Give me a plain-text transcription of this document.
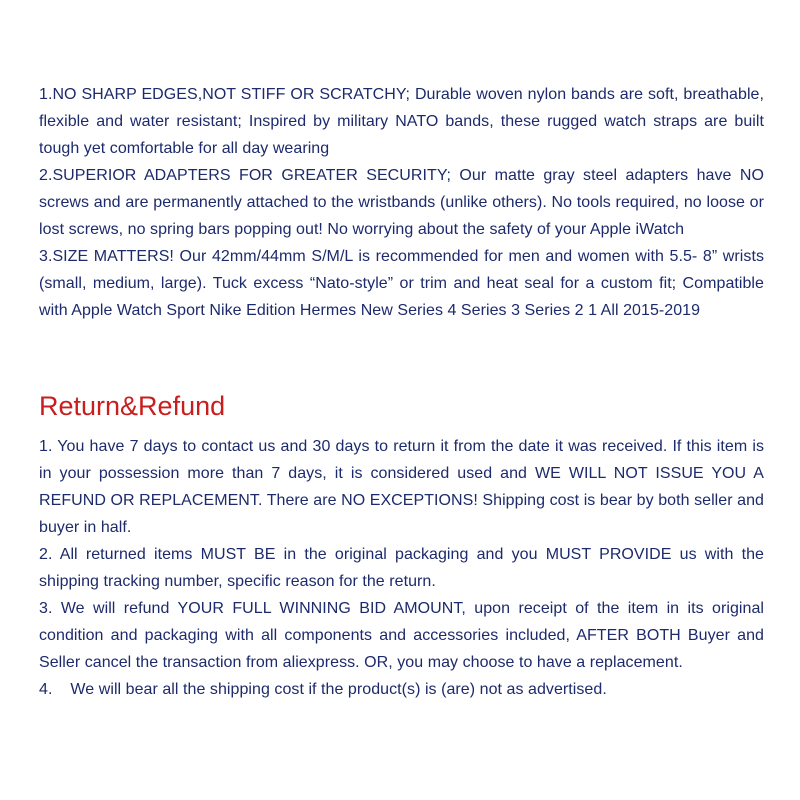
1.NO SHARP EDGES,NOT STIFF OR SCRATCHY; Durable woven nylon bands are soft, breathable, flexible and water resistant; Inspired by military NATO bands, these rugged watch straps are built tough yet comfortable for all day wearing

2.SUPERIOR ADAPTERS FOR GREATER SECURITY; Our matte gray steel adapters have NO screws and are permanently attached to the wristbands (unlike others). No tools required, no loose or lost screws, no spring bars popping out! No worrying about the safety of your Apple iWatch

3.SIZE MATTERS! Our 42mm/44mm S/M/L is recommended for men and women with 5.5- 8” wrists (small, medium, large). Tuck excess “Nato-style” or trim and heat seal for a custom fit; Compatible with Apple Watch Sport Nike Edition Hermes New Series 4 Series 3 Series 2 1 All 2015-2019

Return&Refund

1. You have 7 days to contact us and 30 days to return it from the date it was received. If this item is in your possession more than 7 days, it is considered used and WE WILL NOT ISSUE YOU A REFUND OR REPLACEMENT. There are NO EXCEPTIONS! Shipping cost is bear by both seller and buyer in half.

2. All returned items MUST BE in the original packaging and you MUST PROVIDE us with the shipping tracking number, specific reason for the return.

3. We will refund YOUR FULL WINNING BID AMOUNT, upon receipt of the item in its original condition and packaging with all components and accessories included, AFTER BOTH Buyer and Seller cancel the transaction from aliexpress. OR, you may choose to have a replacement.

4.    We will bear all the shipping cost if the product(s) is (are) not as advertised.
